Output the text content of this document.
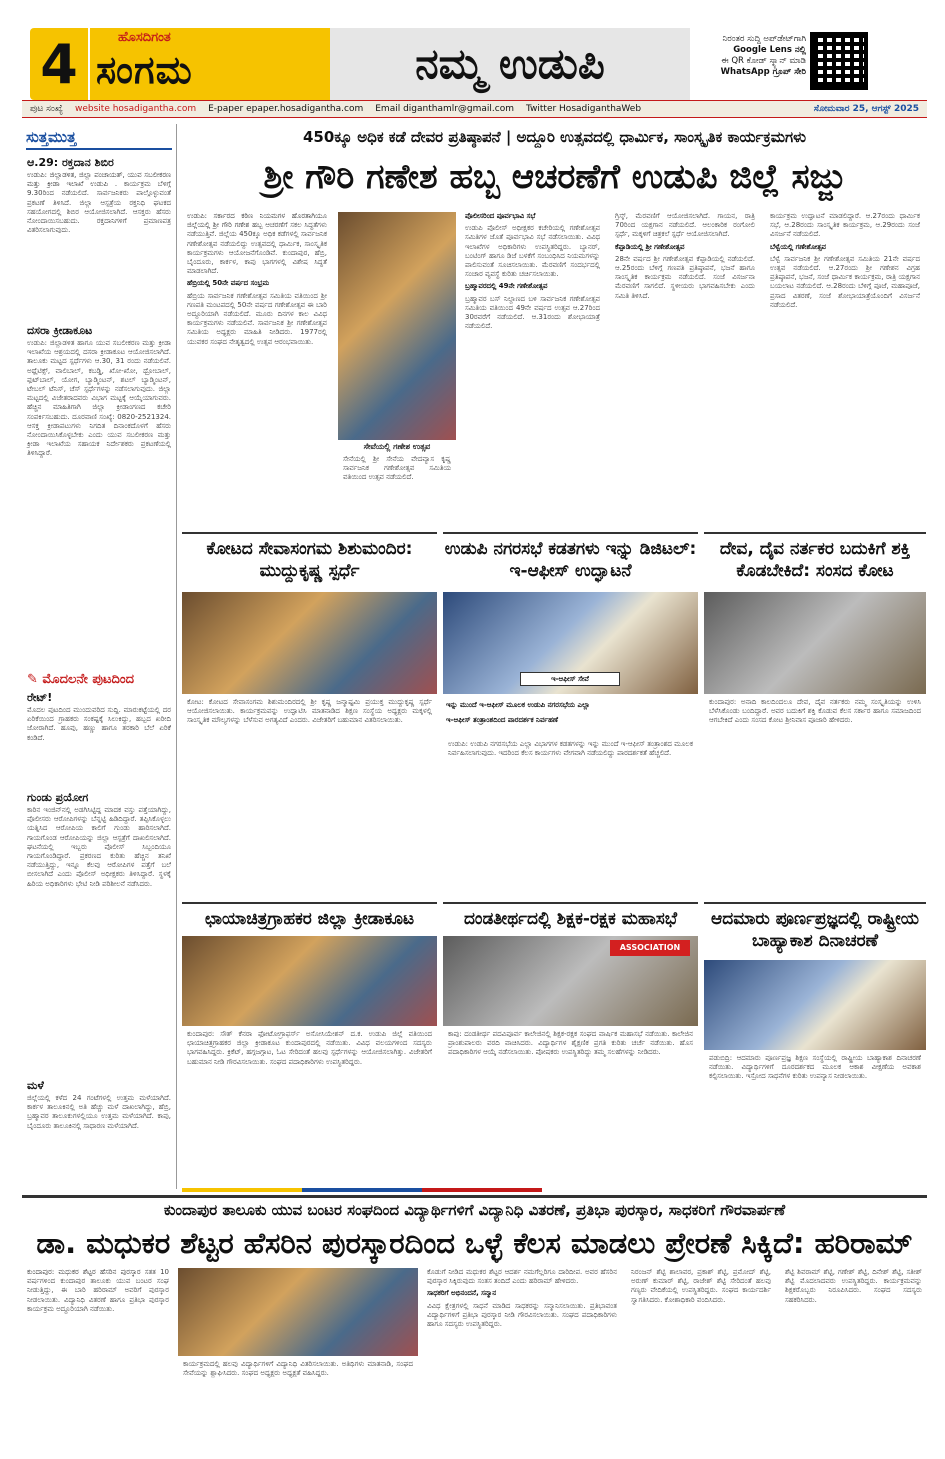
4	ಹೊಸದಿಗಂತ
ಸಂಗಮ	ನಮ್ಮ ಉಡುಪಿ	ನಿರಂತರ ಸುದ್ದಿ ಅಪ್‌ಡೇಟ್‌ಗಾಗಿ
Google Lens ನಲ್ಲಿ
ಈ QR ಕೋಡ್ ಸ್ಕ್ಯಾನ್ ಮಾಡಿ
WhatsApp ಗ್ರೂಪ್ ಸೇರಿ
ಪುಟ ಸಂಖ್ಯೆ website hosadigantha.com E-paper epaper.hosadigantha.com Email diganthamlr@gmail.com Twitter HosadiganthaWeb	ಸೋಮವಾರ 25, ಆಗಸ್ಟ್ 2025
ಸುತ್ತಮುತ್ತ
ಆ.29: ರಕ್ತದಾನ ಶಿಬಿರ
ಉಡುಪಿ: ಜಿಲ್ಲಾಡಳಿತ, ಜಿಲ್ಲಾ ಪಂಚಾಯತ್, ಯುವ ಸಬಲೀಕರಣ ಮತ್ತು ಕ್ರೀಡಾ ಇಲಾಖೆ ಉಡುಪಿ . ಕಾರ್ಯಕ್ರಮ ಬೆಳಿಗ್ಗೆ 9.30ರಿಂದ ನಡೆಯಲಿದೆ. ಸಾರ್ವಜನಿಕರು ಪಾಲ್ಗೊಳ್ಳುವಂತೆ ಪ್ರಕಟಣೆ ತಿಳಿಸಿದೆ. ಜಿಲ್ಲಾ ಆಸ್ಪತ್ರೆಯ ರಕ್ತನಿಧಿ ಘಟಕದ ಸಹಯೋಗದಲ್ಲಿ ಶಿಬಿರ ಆಯೋಜಿಸಲಾಗಿದೆ. ಆಸಕ್ತರು ಹೆಸರು ನೋಂದಾಯಿಸಬಹುದು. ರಕ್ತದಾನಿಗಳಿಗೆ ಪ್ರಮಾಣಪತ್ರ ವಿತರಿಸಲಾಗುವುದು.
ದಸರಾ ಕ್ರೀಡಾಕೂಟ
ಉಡುಪಿ: ಜಿಲ್ಲಾಡಳಿತ ಹಾಗೂ ಯುವ ಸಬಲೀಕರಣ ಮತ್ತು ಕ್ರೀಡಾ ಇಲಾಖೆಯ ಆಶ್ರಯದಲ್ಲಿ ದಸರಾ ಕ್ರೀಡಾಕೂಟ ಆಯೋಜಿಸಲಾಗಿದೆ. ತಾಲೂಕು ಮಟ್ಟದ ಸ್ಪರ್ಧೆಗಳು ಆ.30, 31 ರಂದು ನಡೆಯಲಿವೆ. ಅಥ್ಲೆಟಿಕ್ಸ್, ವಾಲಿಬಾಲ್, ಕಬಡ್ಡಿ, ಖೋ-ಖೋ, ಥ್ರೋಬಾಲ್, ಫುಟ್‌ಬಾಲ್, ಯೋಗ, ಬ್ಯಾಡ್ಮಿಂಟನ್, ಶಟಲ್ ಬ್ಯಾಡ್ಮಿಂಟನ್, ಟೇಬಲ್ ಟೆನಿಸ್, ಚೆಸ್ ಸ್ಪರ್ಧೆಗಳನ್ನು ನಡೆಸಲಾಗುವುದು. ಜಿಲ್ಲಾ ಮಟ್ಟದಲ್ಲಿ ವಿಜೇತರಾದವರು ವಿಭಾಗ ಮಟ್ಟಕ್ಕೆ ಆಯ್ಕೆಯಾಗುವರು. ಹೆಚ್ಚಿನ ಮಾಹಿತಿಗಾಗಿ ಜಿಲ್ಲಾ ಕ್ರೀಡಾಂಗಣದ ಕಚೇರಿ ಸಂಪರ್ಕಿಸಬಹುದು. ದೂರವಾಣಿ ಸಂಖ್ಯೆ: 0820-2521324. ಆಸಕ್ತ ಕ್ರೀಡಾಪಟುಗಳು ನಿಗದಿತ ದಿನಾಂಕದೊಳಗೆ ಹೆಸರು ನೋಂದಾಯಿಸಿಕೊಳ್ಳಬೇಕು ಎಂದು ಯುವ ಸಬಲೀಕರಣ ಮತ್ತು ಕ್ರೀಡಾ ಇಲಾಖೆಯ ಸಹಾಯಕ ನಿರ್ದೇಶಕರು ಪ್ರಕಟಣೆಯಲ್ಲಿ ತಿಳಿಸಿದ್ದಾರೆ.
✎ ಮೊದಲನೇ ಪುಟದಿಂದ
ರೇಟ್!
ಮೊದಲ ಪುಟದಿಂದ ಮುಂದುವರಿದ ಸುದ್ದಿ. ಮಾರುಕಟ್ಟೆಯಲ್ಲಿ ದರ ಏರಿಕೆಯಿಂದ ಗ್ರಾಹಕರು ಸಂಕಷ್ಟಕ್ಕೆ ಸಿಲುಕಿದ್ದು, ಹಬ್ಬದ ಖರೀದಿ ಜೋರಾಗಿದೆ. ಹೂವು, ಹಣ್ಣು ಹಾಗೂ ತರಕಾರಿ ಬೆಲೆ ಏರಿಕೆ ಕಂಡಿದೆ.
ಗುಂಡು ಪ್ರಯೋಗ
ಕಾರಿನ ಇಂಜಿನ್‌ನಲ್ಲಿ ಅಡಗಿಸಿಟ್ಟಿದ್ದ ಮಾದಕ ವಸ್ತು ಪತ್ತೆಯಾಗಿದ್ದು, ಪೊಲೀಸರು ಆರೋಪಿಗಳನ್ನು ಬೆನ್ನಟ್ಟಿ ಹಿಡಿದಿದ್ದಾರೆ. ತಪ್ಪಿಸಿಕೊಳ್ಳಲು ಯತ್ನಿಸಿದ ಆರೋಪಿಯ ಕಾಲಿಗೆ ಗುಂಡು ಹಾರಿಸಲಾಗಿದೆ. ಗಾಯಗೊಂಡ ಆರೋಪಿಯನ್ನು ಜಿಲ್ಲಾ ಆಸ್ಪತ್ರೆಗೆ ದಾಖಲಿಸಲಾಗಿದೆ. ಘಟನೆಯಲ್ಲಿ ಇಬ್ಬರು ಪೊಲೀಸ್ ಸಿಬ್ಬಂದಿಯೂ ಗಾಯಗೊಂಡಿದ್ದಾರೆ. ಪ್ರಕರಣದ ಕುರಿತು ಹೆಚ್ಚಿನ ತನಿಖೆ ನಡೆಯುತ್ತಿದ್ದು, ಇನ್ನೂ ಕೆಲವು ಆರೋಪಿಗಳ ಪತ್ತೆಗೆ ಬಲೆ ಬೀಸಲಾಗಿದೆ ಎಂದು ಪೊಲೀಸ್ ಅಧೀಕ್ಷಕರು ತಿಳಿಸಿದ್ದಾರೆ. ಸ್ಥಳಕ್ಕೆ ಹಿರಿಯ ಅಧಿಕಾರಿಗಳು ಭೇಟಿ ನೀಡಿ ಪರಿಶೀಲನೆ ನಡೆಸಿದರು.
ಮಳೆ
ಜಿಲ್ಲೆಯಲ್ಲಿ ಕಳೆದ 24 ಗಂಟೆಗಳಲ್ಲಿ ಉತ್ತಮ ಮಳೆಯಾಗಿದೆ. ಕಾರ್ಕಳ ತಾಲೂಕಿನಲ್ಲಿ ಅತಿ ಹೆಚ್ಚು ಮಳೆ ದಾಖಲಾಗಿದ್ದು, ಹೆಬ್ರಿ, ಬ್ರಹ್ಮಾವರ ತಾಲೂಕುಗಳಲ್ಲಿಯೂ ಉತ್ತಮ ಮಳೆಯಾಗಿದೆ. ಕಾಪು, ಬೈಂದೂರು ತಾಲೂಕಿನಲ್ಲಿ ಸಾಧಾರಣ ಮಳೆಯಾಗಿದೆ.
450ಕ್ಕೂ ಅಧಿಕ ಕಡೆ ದೇವರ ಪ್ರತಿಷ್ಠಾಪನೆ | ಅದ್ದೂರಿ ಉತ್ಸವದಲ್ಲಿ ಧಾರ್ಮಿಕ, ಸಾಂಸ್ಕೃತಿಕ ಕಾರ್ಯಕ್ರಮಗಳು
ಶ್ರೀ ಗೌರಿ ಗಣೇಶ ಹಬ್ಬ ಆಚರಣೆಗೆ ಉಡುಪಿ ಜಿಲ್ಲೆ ಸಜ್ಜು
ಉಡುಪಿ: ಸರ್ಕಾರದ ಕಠಿಣ ನಿಯಮಗಳ ಹೊರತಾಗಿಯೂ ಜಿಲ್ಲೆಯಲ್ಲಿ ಶ್ರೀ ಗೌರಿ ಗಣೇಶ ಹಬ್ಬ ಆಚರಣೆಗೆ ಸಕಲ ಸಿದ್ಧತೆಗಳು ನಡೆಯುತ್ತಿವೆ. ಜಿಲ್ಲೆಯ 450ಕ್ಕೂ ಅಧಿಕ ಕಡೆಗಳಲ್ಲಿ ಸಾರ್ವಜನಿಕ ಗಣೇಶೋತ್ಸವ ನಡೆಯಲಿದ್ದು ಉತ್ಸವದಲ್ಲಿ ಧಾರ್ಮಿಕ, ಸಾಂಸ್ಕೃತಿಕ ಕಾರ್ಯಕ್ರಮಗಳು ಆಯೋಜನೆಗೊಂಡಿವೆ. ಕುಂದಾಪುರ, ಹೆಬ್ರಿ, ಬೈಂದೂರು, ಕಾರ್ಕಳ, ಕಾಪು ಭಾಗಗಳಲ್ಲಿ ವಿಶೇಷ ಸಿದ್ಧತೆ ಮಾಡಲಾಗಿದೆ.
ಹೆಬ್ರಿಯಲ್ಲಿ 50ನೇ ವರ್ಷದ ಸಂಭ್ರಮ
ಹೆಬ್ರಿಯ ಸಾರ್ವಜನಿಕ ಗಣೇಶೋತ್ಸವ ಸಮಿತಿಯ ವತಿಯಿಂದ ಶ್ರೀ ಗಣಪತಿ ಮಂಟಪದಲ್ಲಿ 50ನೇ ವರ್ಷದ ಗಣೇಶೋತ್ಸವ ಈ ಬಾರಿ ಅದ್ದೂರಿಯಾಗಿ ನಡೆಯಲಿದೆ. ಮೂರು ದಿನಗಳ ಕಾಲ ವಿವಿಧ ಕಾರ್ಯಕ್ರಮಗಳು ನಡೆಯಲಿವೆ. ಸಾರ್ವಜನಿಕ ಶ್ರೀ ಗಣೇಶೋತ್ಸವ ಸಮಿತಿಯ ಅಧ್ಯಕ್ಷರು ಮಾಹಿತಿ ನೀಡಿದರು. 1977ರಲ್ಲಿ ಯುವಕರ ಸಂಘದ ನೇತೃತ್ವದಲ್ಲಿ ಉತ್ಸವ ಆರಂಭವಾಯಿತು.
ಸೇವೆಯಲ್ಲಿ ಗಣೇಶ ಉತ್ಸವ
ಸೇನೆಯಲ್ಲಿ ಶ್ರೀ ಸೇನೆಯ ವೇದವ್ಯಾಸ ಕೃಷ್ಣ ಸಾರ್ವಜನಿಕ ಗಣೇಶೋತ್ಸವ ಸಮಿತಿಯ ವತಿಯಿಂದ ಉತ್ಸವ ನಡೆಯಲಿದೆ.
ಪೊಲೀಸರಿಂದ ಪೂರ್ವಭಾವಿ ಸಭೆ
ಉಡುಪಿ ಪೊಲೀಸ್ ಅಧೀಕ್ಷಕರ ಕಚೇರಿಯಲ್ಲಿ ಗಣೇಶೋತ್ಸವ ಸಮಿತಿಗಳ ಜೊತೆ ಪೂರ್ವಭಾವಿ ಸಭೆ ನಡೆಸಲಾಯಿತು. ವಿವಿಧ ಇಲಾಖೆಗಳ ಅಧಿಕಾರಿಗಳು ಉಪಸ್ಥಿತರಿದ್ದರು. ಬ್ಯಾನರ್, ಬಂಟಿಂಗ್ ಹಾಗೂ ಡಿಜೆ ಬಳಕೆಗೆ ಸಂಬಂಧಿಸಿದ ನಿಯಮಗಳನ್ನು ಪಾಲಿಸುವಂತೆ ಸೂಚಿಸಲಾಯಿತು. ಮೆರವಣಿಗೆ ಸಂದರ್ಭದಲ್ಲಿ ಸಂಚಾರ ವ್ಯವಸ್ಥೆ ಕುರಿತು ಚರ್ಚಿಸಲಾಯಿತು.
ಬ್ರಹ್ಮಾವರದಲ್ಲಿ 49ನೇ ಗಣೇಶೋತ್ಸವ
ಬ್ರಹ್ಮಾವರ ಬಸ್ ನಿಲ್ದಾಣದ ಬಳಿ ಸಾರ್ವಜನಿಕ ಗಣೇಶೋತ್ಸವ ಸಮಿತಿಯ ವತಿಯಿಂದ 49ನೇ ವರ್ಷದ ಉತ್ಸವ ಆ.27ರಿಂದ 30ರವರೆಗೆ ನಡೆಯಲಿದೆ. ಆ.31ರಂದು ಶೋಭಾಯಾತ್ರೆ ನಡೆಯಲಿದೆ.
ಗ್ರಿಸ್ಕ್, ಮೆರವಣಿಗೆ ಆಯೋಜಿಸಲಾಗಿದೆ. ಗಾಯನ, ರಾತ್ರಿ 70ರಿಂದ ಯಕ್ಷಗಾನ ನಡೆಯಲಿದೆ. ಆಲಂಕಾರಿಕ ರಂಗೋಲಿ ಸ್ಪರ್ಧೆ, ಮಕ್ಕಳಿಗೆ ಚಿತ್ರಕಲೆ ಸ್ಪರ್ಧೆ ಆಯೋಜಿಸಲಾಗಿದೆ.
ಕೆಪ್ಪಾಡಿಯಲ್ಲಿ ಶ್ರೀ ಗಣೇಶೋತ್ಸವ
28ನೇ ವರ್ಷದ ಶ್ರೀ ಗಣೇಶೋತ್ಸವ ಕೆಪ್ಪಾಡಿಯಲ್ಲಿ ನಡೆಯಲಿದೆ. ಆ.25ರಂದು ಬೆಳಿಗ್ಗೆ ಗಣಪತಿ ಪ್ರತಿಷ್ಠಾಪನೆ, ಭಜನೆ ಹಾಗೂ ಸಾಂಸ್ಕೃತಿಕ ಕಾರ್ಯಕ್ರಮ ನಡೆಯಲಿದೆ. ಸಂಜೆ ವಿಸರ್ಜನಾ ಮೆರವಣಿಗೆ ಸಾಗಲಿದೆ. ಸ್ಥಳೀಯರು ಭಾಗವಹಿಸಬೇಕು ಎಂದು ಸಮಿತಿ ತಿಳಿಸಿದೆ.
ಕಾರ್ಯಕ್ರಮ ಉದ್ಘಾಟನೆ ಮಾಡಲಿದ್ದಾರೆ. ಆ.27ರಂದು ಧಾರ್ಮಿಕ ಸಭೆ, ಆ.28ರಂದು ಸಾಂಸ್ಕೃತಿಕ ಕಾರ್ಯಕ್ರಮ, ಆ.29ರಂದು ಸಂಜೆ ವಿಸರ್ಜನೆ ನಡೆಯಲಿದೆ.
ಬೆಳ್ವೆಯಲ್ಲಿ ಗಣೇಶೋತ್ಸವ
ಬೆಳ್ವೆ ಸಾರ್ವಜನಿಕ ಶ್ರೀ ಗಣೇಶೋತ್ಸವ ಸಮಿತಿಯ 21ನೇ ವರ್ಷದ ಉತ್ಸವ ನಡೆಯಲಿದೆ. ಆ.27ರಂದು ಶ್ರೀ ಗಣೇಶನ ವಿಗ್ರಹ ಪ್ರತಿಷ್ಠಾಪನೆ, ಭಜನೆ, ಸಂಜೆ ಧಾರ್ಮಿಕ ಕಾರ್ಯಕ್ರಮ, ರಾತ್ರಿ ಯಕ್ಷಗಾನ ಬಯಲಾಟ ನಡೆಯಲಿದೆ. ಆ.28ರಂದು ಬೆಳಿಗ್ಗೆ ಪೂಜೆ, ಮಹಾಪೂಜೆ, ಪ್ರಸಾದ ವಿತರಣೆ, ಸಂಜೆ ಶೋಭಾಯಾತ್ರೆಯೊಂದಿಗೆ ವಿಸರ್ಜನೆ ನಡೆಯಲಿದೆ.
ಕೋಟದ ಸೇವಾಸಂಗಮ ಶಿಶುಮಂದಿರ: ಮುದ್ದುಕೃಷ್ಣ ಸ್ಪರ್ಧೆ
ಕೋಟ: ಕೋಟದ ಸೇವಾಸಂಗಮ ಶಿಶುಮಂದಿರದಲ್ಲಿ ಶ್ರೀ ಕೃಷ್ಣ ಜನ್ಮಾಷ್ಟಮಿ ಪ್ರಯುಕ್ತ ಮುದ್ದುಕೃಷ್ಣ ಸ್ಪರ್ಧೆ ಆಯೋಜಿಸಲಾಯಿತು. ಕಾರ್ಯಕ್ರಮವನ್ನು ಉದ್ಘಾಟಿಸಿ ಮಾತನಾಡಿದ ಶಿಕ್ಷಣ ಸಂಸ್ಥೆಯ ಅಧ್ಯಕ್ಷರು ಮಕ್ಕಳಲ್ಲಿ ಸಾಂಸ್ಕೃತಿಕ ಮೌಲ್ಯಗಳನ್ನು ಬೆಳೆಸುವ ಅಗತ್ಯವಿದೆ ಎಂದರು. ವಿಜೇತರಿಗೆ ಬಹುಮಾನ ವಿತರಿಸಲಾಯಿತು.
ಉಡುಪಿ ನಗರಸಭೆ ಕಡತಗಳು ಇನ್ನು ಡಿಜಿಟಲ್: ಇ-ಆಫೀಸ್ ಉದ್ಘಾಟನೆ
ಇ-ಆಫೀಸ್ ಸೇವೆ
ಇನ್ನು ಮುಂದೆ ಇ-ಆಫೀಸ್ ಮೂಲಕ ಉಡುಪಿ ನಗರಸಭೆಯ ಎಲ್ಲಾ
ಇ-ಆಫೀಸ್ ತಂತ್ರಾಂಶದಿಂದ ಪಾರದರ್ಶಕ ನಿರ್ವಹಣೆ
ಉಡುಪಿ: ಉಡುಪಿ ನಗರಸಭೆಯ ಎಲ್ಲಾ ವಿಭಾಗಗಳ ಕಡತಗಳನ್ನು ಇನ್ನು ಮುಂದೆ ಇ-ಆಫೀಸ್ ತಂತ್ರಾಂಶದ ಮೂಲಕ ನಿರ್ವಹಿಸಲಾಗುವುದು. ಇದರಿಂದ ಕೆಲಸ ಕಾರ್ಯಗಳು ವೇಗವಾಗಿ ನಡೆಯಲಿದ್ದು ಪಾರದರ್ಶಕತೆ ಹೆಚ್ಚಲಿದೆ.
ದೇವ, ದೈವ ನರ್ತಕರ ಬದುಕಿಗೆ ಶಕ್ತಿ ಕೊಡಬೇಕಿದೆ: ಸಂಸದ ಕೋಟ
ಕುಂದಾಪುರ: ಅನಾದಿ ಕಾಲದಿಂದಲೂ ದೇವ, ದೈವ ನರ್ತಕರು ನಮ್ಮ ಸಂಸ್ಕೃತಿಯನ್ನು ಉಳಿಸಿ ಬೆಳೆಸಿಕೊಂಡು ಬಂದಿದ್ದಾರೆ. ಅವರ ಬದುಕಿಗೆ ಶಕ್ತಿ ಕೊಡುವ ಕೆಲಸ ಸರ್ಕಾರ ಹಾಗೂ ಸಮಾಜದಿಂದ ಆಗಬೇಕಿದೆ ಎಂದು ಸಂಸದ ಕೋಟ ಶ್ರೀನಿವಾಸ ಪೂಜಾರಿ ಹೇಳಿದರು.
ಛಾಯಾಚಿತ್ರಗ್ರಾಹಕರ ಜಿಲ್ಲಾ ಕ್ರೀಡಾಕೂಟ
ಕುಂದಾಪುರ: ಸೌತ್ ಕೆನರಾ ಫೋಟೋಗ್ರಾಫರ್ಸ್ ಅಸೋಸಿಯೇಶನ್ ದ.ಕ. ಉಡುಪಿ ಜಿಲ್ಲೆ ವತಿಯಿಂದ ಛಾಯಾಚಿತ್ರಗ್ರಾಹಕರ ಜಿಲ್ಲಾ ಕ್ರೀಡಾಕೂಟ ಕುಂದಾಪುರದಲ್ಲಿ ನಡೆಯಿತು. ವಿವಿಧ ವಲಯಗಳಿಂದ ಸದಸ್ಯರು ಭಾಗವಹಿಸಿದ್ದರು. ಕ್ರಿಕೆಟ್, ಹಗ್ಗಜಗ್ಗಾಟ, ಓಟ ಸೇರಿದಂತೆ ಹಲವು ಸ್ಪರ್ಧೆಗಳನ್ನು ಆಯೋಜಿಸಲಾಗಿತ್ತು. ವಿಜೇತರಿಗೆ ಬಹುಮಾನ ನೀಡಿ ಗೌರವಿಸಲಾಯಿತು. ಸಂಘದ ಪದಾಧಿಕಾರಿಗಳು ಉಪಸ್ಥಿತರಿದ್ದರು.
ದಂಡತೀರ್ಥದಲ್ಲಿ ಶಿಕ್ಷಕ-ರಕ್ಷಕ ಮಹಾಸಭೆ
ASSOCIATION
ಕಾಪು: ದಂಡತೀರ್ಥ ಪದವಿಪೂರ್ವ ಕಾಲೇಜಿನಲ್ಲಿ ಶಿಕ್ಷಕ-ರಕ್ಷಕ ಸಂಘದ ವಾರ್ಷಿಕ ಮಹಾಸಭೆ ನಡೆಯಿತು. ಕಾಲೇಜಿನ ಪ್ರಾಂಶುಪಾಲರು ವರದಿ ವಾಚಿಸಿದರು. ವಿದ್ಯಾರ್ಥಿಗಳ ಶೈಕ್ಷಣಿಕ ಪ್ರಗತಿ ಕುರಿತು ಚರ್ಚೆ ನಡೆಯಿತು. ಹೊಸ ಪದಾಧಿಕಾರಿಗಳ ಆಯ್ಕೆ ನಡೆಸಲಾಯಿತು. ಪೋಷಕರು ಉಪಸ್ಥಿತರಿದ್ದು ತಮ್ಮ ಸಲಹೆಗಳನ್ನು ನೀಡಿದರು.
ಆದಮಾರು ಪೂರ್ಣಪ್ರಜ್ಞದಲ್ಲಿ ರಾಷ್ಟ್ರೀಯ ಬಾಹ್ಯಾಕಾಶ ದಿನಾಚರಣೆ
ಪಡುಬಿದ್ರಿ: ಆದಮಾರು ಪೂರ್ಣಪ್ರಜ್ಞ ಶಿಕ್ಷಣ ಸಂಸ್ಥೆಯಲ್ಲಿ ರಾಷ್ಟ್ರೀಯ ಬಾಹ್ಯಾಕಾಶ ದಿನಾಚರಣೆ ನಡೆಯಿತು. ವಿದ್ಯಾರ್ಥಿಗಳಿಗೆ ದೂರದರ್ಶಕದ ಮೂಲಕ ಆಕಾಶ ವೀಕ್ಷಣೆಯ ಅವಕಾಶ ಕಲ್ಪಿಸಲಾಯಿತು. ಇಸ್ರೋದ ಸಾಧನೆಗಳ ಕುರಿತು ಉಪನ್ಯಾಸ ನೀಡಲಾಯಿತು.
ಕುಂದಾಪುರ ತಾಲೂಕು ಯುವ ಬಂಟರ ಸಂಘದಿಂದ ವಿದ್ಯಾರ್ಥಿಗಳಿಗೆ ವಿದ್ಯಾನಿಧಿ ವಿತರಣೆ, ಪ್ರತಿಭಾ ಪುರಸ್ಕಾರ, ಸಾಧಕರಿಗೆ ಗೌರವಾರ್ಪಣೆ
ಡಾ. ಮಧುಕರ ಶೆಟ್ಟರ ಹೆಸರಿನ ಪುರಸ್ಕಾರದಿಂದ ಒಳ್ಳೆ ಕೆಲಸ ಮಾಡಲು ಪ್ರೇರಣೆ ಸಿಕ್ಕಿದೆ: ಹರಿರಾಮ್
ಕುಂದಾಪುರ: ಮಧುಕರ ಶೆಟ್ಟರ ಹೆಸರಿನ ಪುರಸ್ಕಾರ ಸತತ 10 ವರ್ಷಗಳಿಂದ ಕುಂದಾಪುರ ತಾಲೂಕು ಯುವ ಬಂಟರ ಸಂಘ ನೀಡುತ್ತಿದ್ದು, ಈ ಬಾರಿ ಹರಿರಾಮ್ ಅವರಿಗೆ ಪುರಸ್ಕಾರ ನೀಡಲಾಯಿತು. ವಿದ್ಯಾನಿಧಿ ವಿತರಣೆ ಹಾಗೂ ಪ್ರತಿಭಾ ಪುರಸ್ಕಾರ ಕಾರ್ಯಕ್ರಮ ಅದ್ದೂರಿಯಾಗಿ ನಡೆಯಿತು.
ಕಾರ್ಯಕ್ರಮದಲ್ಲಿ ಹಲವು ವಿದ್ಯಾರ್ಥಿಗಳಿಗೆ ವಿದ್ಯಾನಿಧಿ ವಿತರಿಸಲಾಯಿತು. ಅತಿಥಿಗಳು ಮಾತನಾಡಿ, ಸಂಘದ ಸೇವೆಯನ್ನು ಶ್ಲಾಘಿಸಿದರು. ಸಂಘದ ಅಧ್ಯಕ್ಷರು ಅಧ್ಯಕ್ಷತೆ ವಹಿಸಿದ್ದರು.
ಕೊಡುಗೆ ನೀಡಿದ ಮಧುಕರ ಶೆಟ್ಟರ ಆದರ್ಶ ನಮಗೆಲ್ಲರಿಗೂ ದಾರಿದೀಪ. ಅವರ ಹೆಸರಿನ ಪುರಸ್ಕಾರ ಸಿಕ್ಕಿರುವುದು ಸಂತಸ ತಂದಿದೆ ಎಂದು ಹರಿರಾಮ್ ಹೇಳಿದರು.
ಸಾಧಕರಿಗೆ ಅಭಿನಂದನೆ, ಸನ್ಮಾನ
ವಿವಿಧ ಕ್ಷೇತ್ರಗಳಲ್ಲಿ ಸಾಧನೆ ಮಾಡಿದ ಸಾಧಕರನ್ನು ಸನ್ಮಾನಿಸಲಾಯಿತು. ಪ್ರತಿಭಾವಂತ ವಿದ್ಯಾರ್ಥಿಗಳಿಗೆ ಪ್ರತಿಭಾ ಪುರಸ್ಕಾರ ನೀಡಿ ಗೌರವಿಸಲಾಯಿತು. ಸಂಘದ ಪದಾಧಿಕಾರಿಗಳು ಹಾಗೂ ಸದಸ್ಯರು ಉಪಸ್ಥಿತರಿದ್ದರು.
ನಿರಂಜನ್ ಶೆಟ್ಟಿ ಶಾಲಾವರ, ಪ್ರಕಾಶ್ ಶೆಟ್ಟಿ, ಪ್ರಮೋದ್ ಶೆಟ್ಟಿ, ಅರುಣ್ ಕುಮಾರ್ ಶೆಟ್ಟಿ, ರಾಜೇಶ್ ಶೆಟ್ಟಿ ಸೇರಿದಂತೆ ಹಲವು ಗಣ್ಯರು ವೇದಿಕೆಯಲ್ಲಿ ಉಪಸ್ಥಿತರಿದ್ದರು. ಸಂಘದ ಕಾರ್ಯದರ್ಶಿ ಸ್ವಾಗತಿಸಿದರು. ಕೋಶಾಧಿಕಾರಿ ವಂದಿಸಿದರು.
ಶೆಟ್ಟಿ ಶಿವರಾಮ್ ಶೆಟ್ಟಿ, ಗಣೇಶ್ ಶೆಟ್ಟಿ, ದಿನೇಶ್ ಶೆಟ್ಟಿ, ಸತೀಶ್ ಶೆಟ್ಟಿ ಮೊದಲಾದವರು ಉಪಸ್ಥಿತರಿದ್ದರು. ಕಾರ್ಯಕ್ರಮವನ್ನು ಶಿಕ್ಷಕರೊಬ್ಬರು ನಿರೂಪಿಸಿದರು. ಸಂಘದ ಸದಸ್ಯರು ಸಹಕರಿಸಿದರು.
